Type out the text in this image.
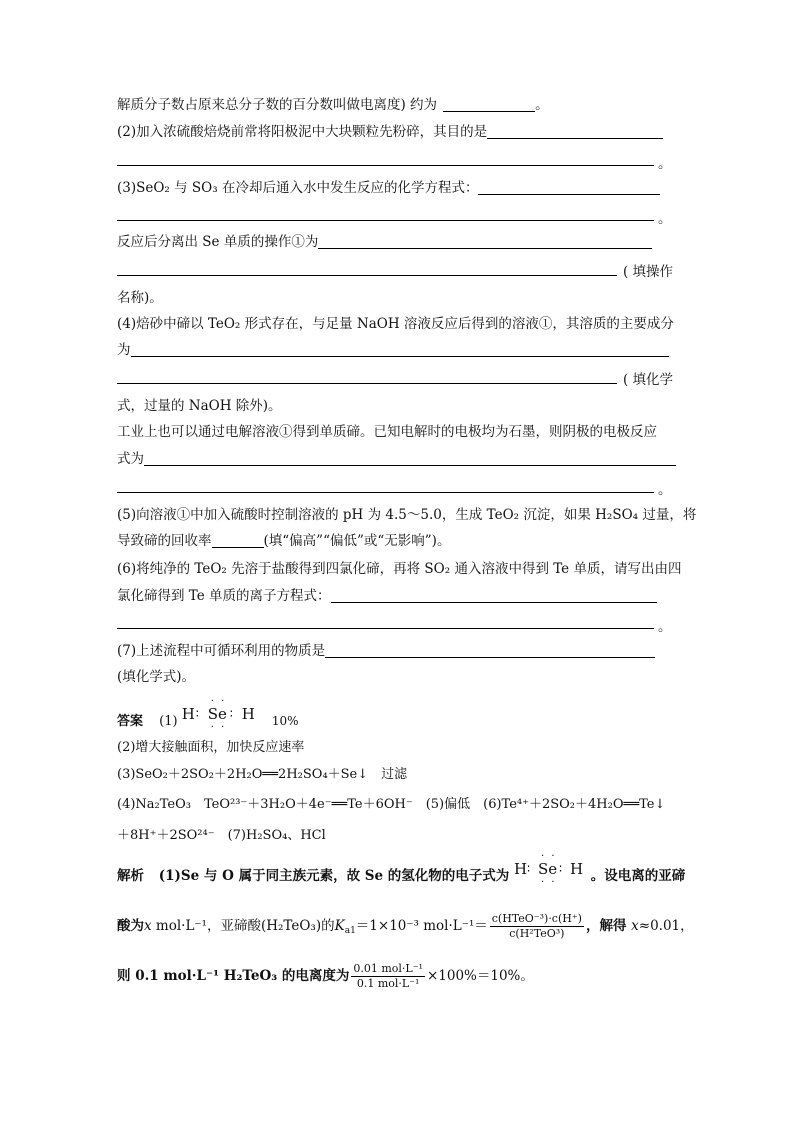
解质分子数占原来总分子数的百分数叫做电离度) 约为	。
(2)加入浓硫酸焙烧前常将阳极泥中大块颗粒先粉碎，其目的是
。
(3)SeO₂ 与 SO₃ 在冷却后通入水中发生反应的化学方程式：
。
反应后分离出 Se 单质的操作①为
( 填操作
名称)。
(4)焙砂中碲以 TeO₂ 形式存在，与足量 NaOH 溶液反应后得到的溶液①，其溶质的主要成分
为
( 填化学
式，过量的 NaOH 除外)。
工业上也可以通过电解溶液①得到单质碲。已知电解时的电极均为石墨，则阴极的电极反应
式为
。
(5)向溶液①中加入硫酸时控制溶液的 pH 为 4.5～5.0，生成 TeO₂ 沉淀，如果 H₂SO₄ 过量，将
导致碲的回收率	(填“偏高”“偏低”或“无影响”)。
(6)将纯净的 TeO₂ 先溶于盐酸得到四氯化碲，再将 SO₂ 通入溶液中得到 Te 单质，请写出由四
氯化碲得到 Te 单质的离子方程式：
。
(7)上述流程中可循环利用的物质是
(填化学式)。
答案 (1) H ∶ Se
· ·
· ·
∶ H 10%
(2)增大接触面积，加快反应速率
(3)SeO₂＋2SO₂＋2H₂O══2H₂SO₄＋Se↓　过滤
(4)Na₂TeO₃　TeO²³⁻＋3H₂O＋4e⁻══Te＋6OH⁻　(5)偏低　(6)Te⁴⁺＋2SO₂＋4H₂O══Te↓
＋8H⁺＋2SO²⁴⁻　(7)H₂SO₄、HCl
解析 (1)Se 与 O 属于同主族元素，故 Se 的氢化物的电子式为 H ∶ Se
· ·
· ·
∶ H 。设电离的亚碲
酸为x mol·L⁻¹，亚碲酸(H₂TeO₃)的$K_{a1}=1\times 10^{-3}$ $mol\cdot L^{-1}= \frac{\text{c(HTeO⁻³)·c(H⁺)}}{\text{c(H²TeO³)}}$ ，解得 x≈0.01，
则 0.1 mol·L⁻¹ H₂TeO₃ 的电离度为 $\frac{\text{0.01 mol·L⁻¹}}{\text{0.1 mol·L⁻¹}} \times 100\%=10\%$。
